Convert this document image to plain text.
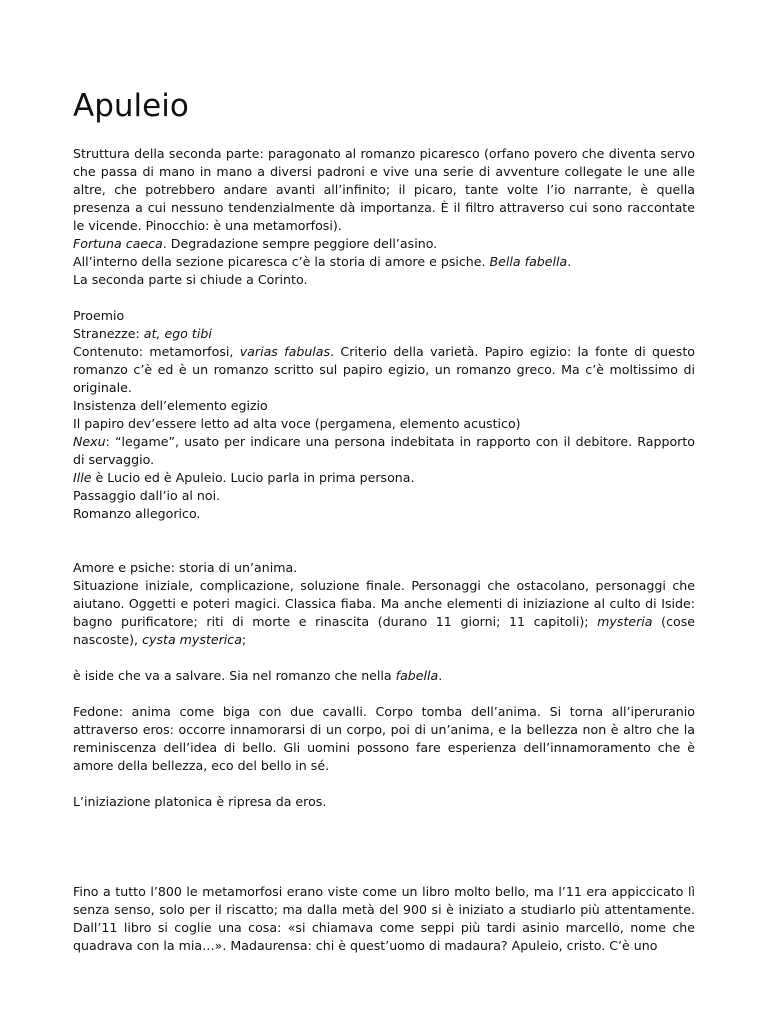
Apuleio

Struttura della seconda parte: paragonato al romanzo picaresco (orfano povero che diventa servo che passa di mano in mano a diversi padroni e vive una serie di avventure collegate le une alle altre, che potrebbero andare avanti all’infinito; il picaro, tante volte l’io narrante, è quella presenza a cui nessuno tendenzialmente dà importanza. È il filtro attraverso cui sono raccontate le vicende. Pinocchio: è una metamorfosi).

Fortuna caeca. Degradazione sempre peggiore dell’asino.

All’interno della sezione picaresca c’è la storia di amore e psiche. Bella fabella.

La seconda parte si chiude a Corinto.

Proemio

Stranezze: at, ego tibi

Contenuto: metamorfosi, varias fabulas. Criterio della varietà. Papiro egizio: la fonte di questo romanzo c’è ed è un romanzo scritto sul papiro egizio, un romanzo greco. Ma c’è moltissimo di originale.

Insistenza dell’elemento egizio

Il papiro dev’essere letto ad alta voce (pergamena, elemento acustico)

Nexu: “legame”, usato per indicare una persona indebitata in rapporto con il debitore. Rapporto di servaggio.

Ille è Lucio ed è Apuleio. Lucio parla in prima persona.

Passaggio dall’io al noi.

Romanzo allegorico.

Amore e psiche: storia di un’anima.

Situazione iniziale, complicazione, soluzione finale. Personaggi che ostacolano, personaggi che aiutano. Oggetti e poteri magici. Classica fiaba. Ma anche elementi di iniziazione al culto di Iside: bagno purificatore; riti di morte e rinascita (durano 11 giorni; 11 capitoli); mysteria (cose nascoste), cysta mysterica;

è iside che va a salvare. Sia nel romanzo che nella fabella.

Fedone: anima come biga con due cavalli. Corpo tomba dell’anima. Si torna all’iperuranio attraverso eros: occorre innamorarsi di un corpo, poi di un’anima, e la bellezza non è altro che la reminiscenza dell’idea di bello. Gli uomini possono fare esperienza dell’innamoramento che è amore della bellezza, eco del bello in sé.

L’iniziazione platonica è ripresa da eros.

Fino a tutto l’800 le metamorfosi erano viste come un libro molto bello, ma l’11 era appiccicato lì senza senso, solo per il riscatto; ma dalla metà del 900 si è iniziato a studiarlo più attentamente. Dall’11 libro si coglie una cosa: «si chiamava come seppi più tardi asinio marcello, nome che quadrava con la mia…». Madaurensa: chi è quest’uomo di madaura? Apuleio, cristo. C’è uno
